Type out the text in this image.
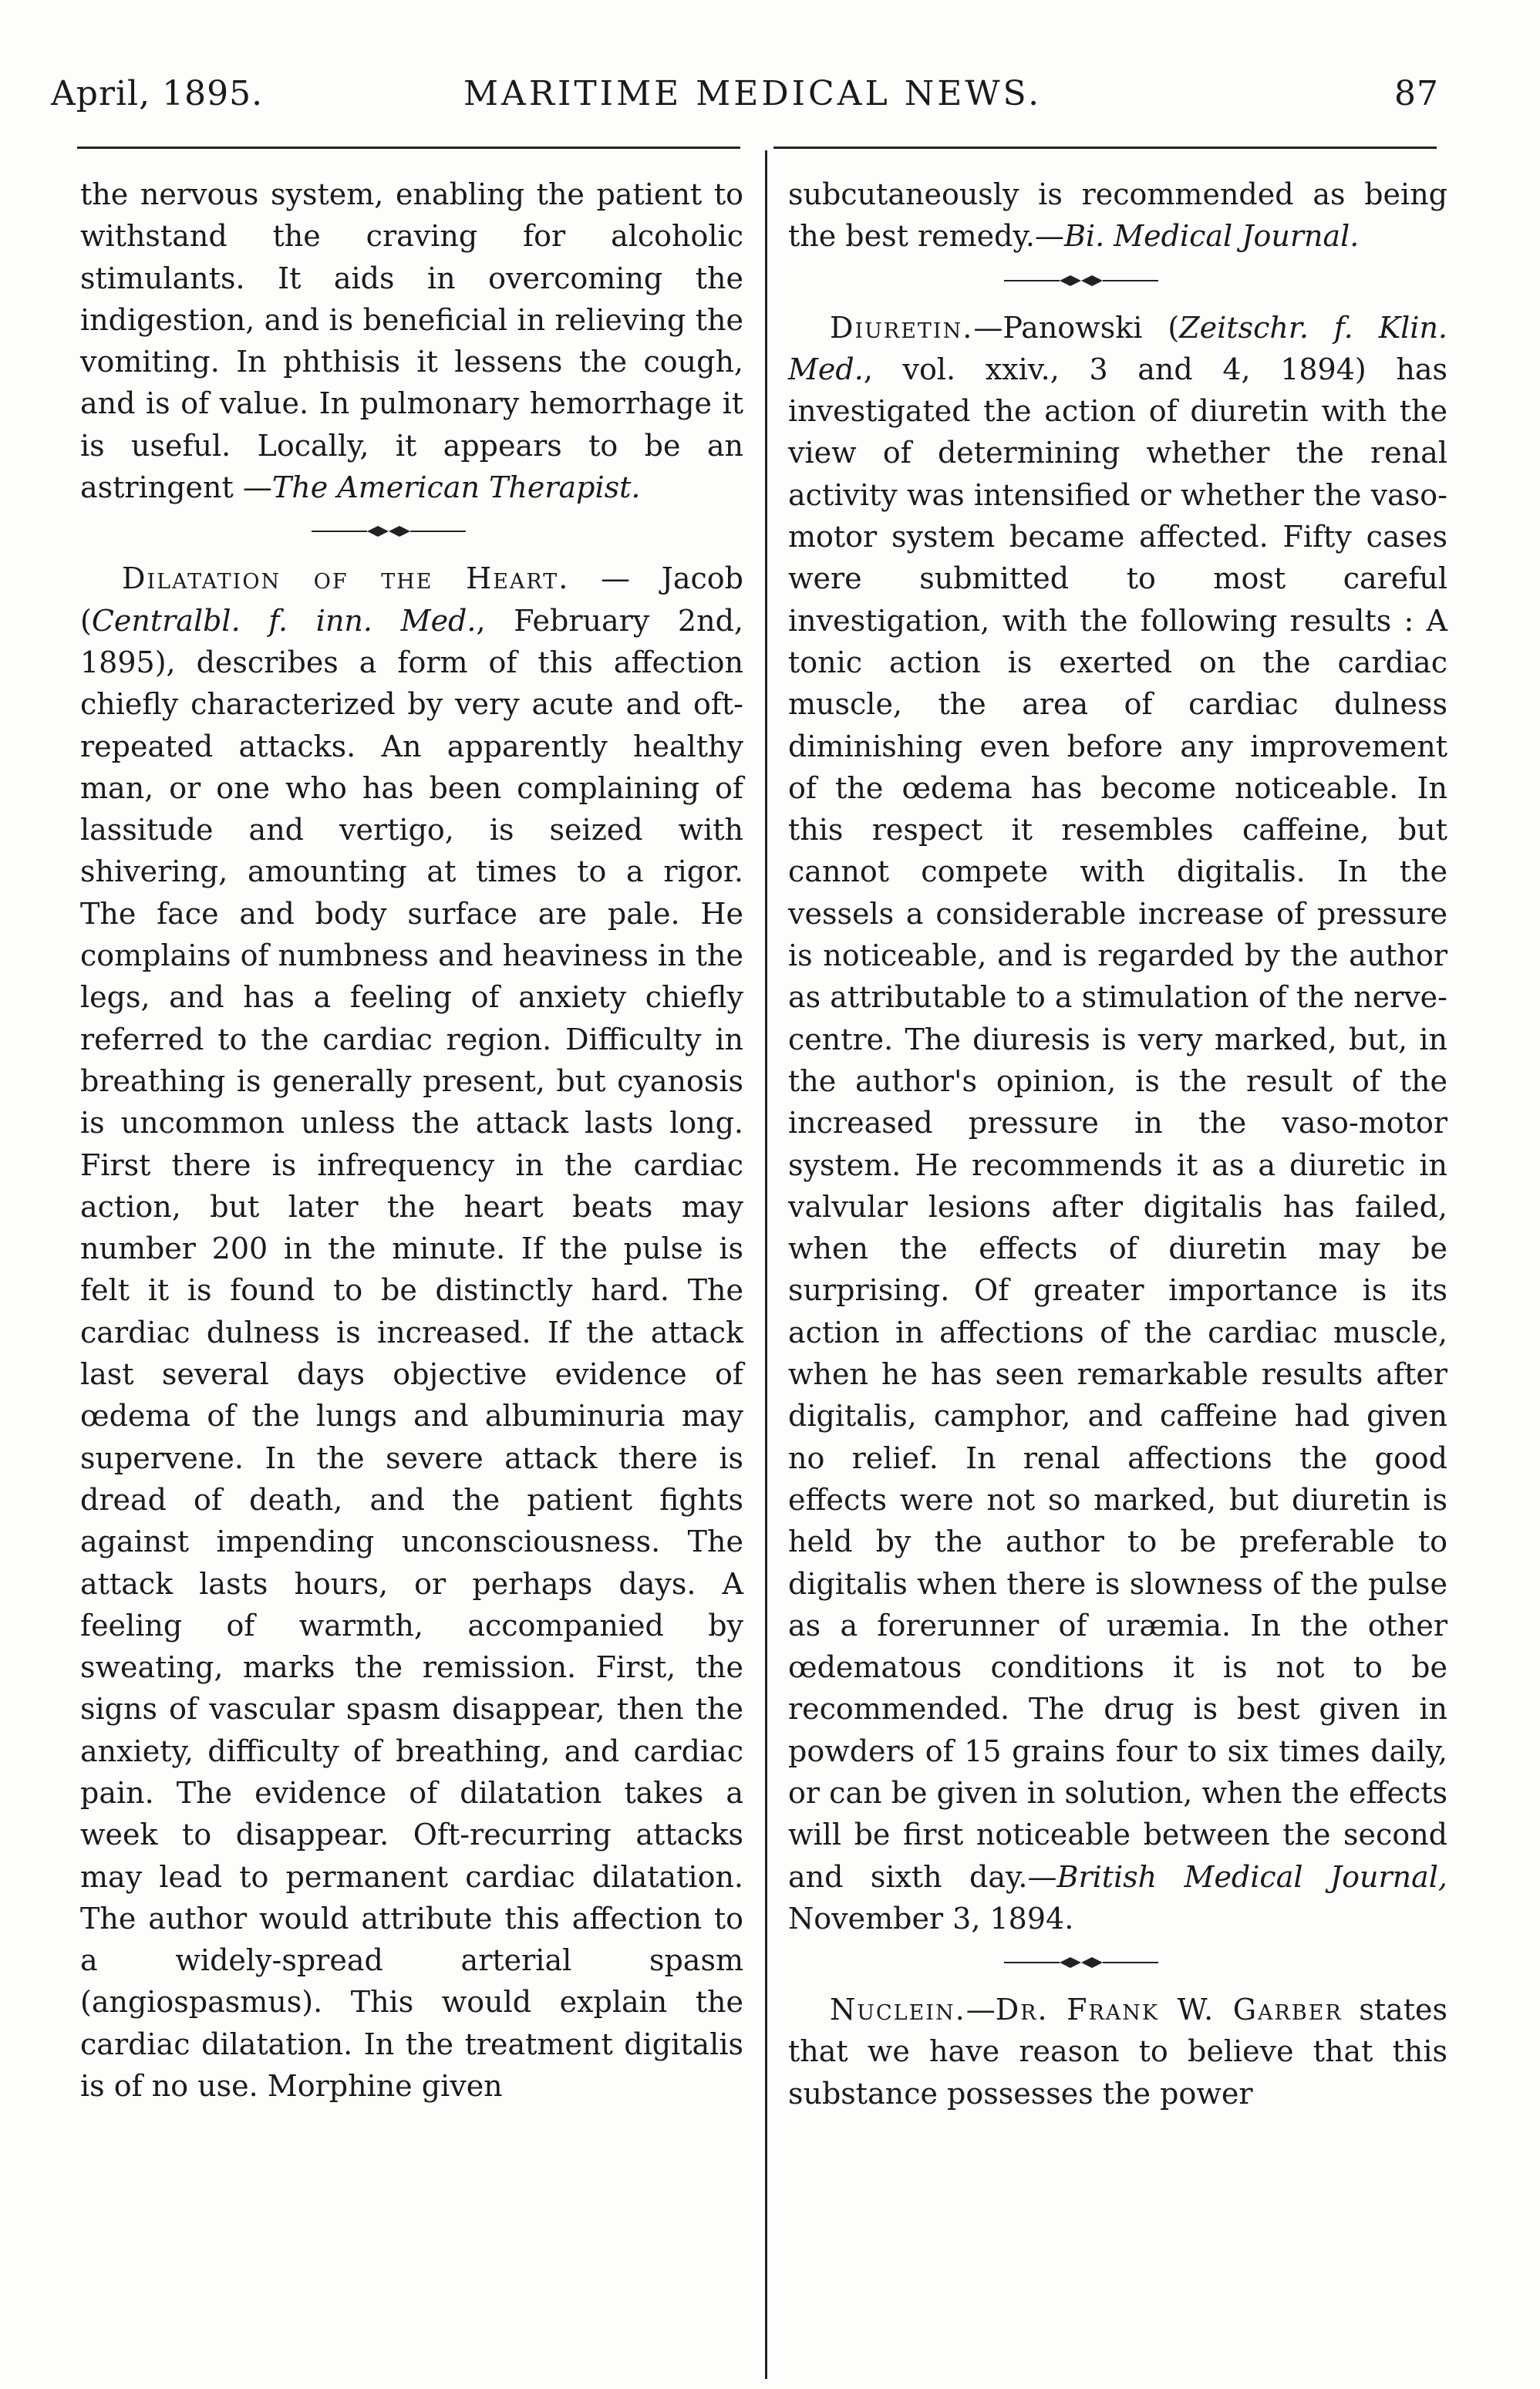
April, 1895.	MARITIME MEDICAL NEWS.	87

the nervous system, enabling the patient to withstand the craving for alcoholic stimulants. It aids in overcoming the indigestion, and is beneficial in relieving the vomiting. In phthisis it lessens the cough, and is of value. In pulmonary hemorrhage it is useful. Locally, it appears to be an astringent —The American Therapist.

Dilatation of the Heart. — Jacob (Centralbl. f. inn. Med., February 2nd, 1895), describes a form of this affection chiefly characterized by very acute and oft-repeated attacks. An apparently healthy man, or one who has been complaining of lassitude and vertigo, is seized with shivering, amounting at times to a rigor. The face and body surface are pale. He complains of numbness and heaviness in the legs, and has a feeling of anxiety chiefly referred to the cardiac region. Difficulty in breathing is generally present, but cyanosis is uncommon unless the attack lasts long. First there is infrequency in the cardiac action, but later the heart beats may number 200 in the minute. If the pulse is felt it is found to be distinctly hard. The cardiac dulness is increased. If the attack last several days objective evidence of œdema of the lungs and albuminuria may supervene. In the severe attack there is dread of death, and the patient fights against impending unconsciousness. The attack lasts hours, or perhaps days. A feeling of warmth, accompanied by sweating, marks the remission. First, the signs of vascular spasm disappear, then the anxiety, difficulty of breathing, and cardiac pain. The evidence of dilatation takes a week to disappear. Oft-recurring attacks may lead to permanent cardiac dilatation. The author would attribute this affection to a widely-spread arterial spasm (angiospasmus). This would explain the cardiac dilatation. In the treatment digitalis is of no use. Morphine given

subcutaneously is recommended as being the best remedy.—Bi. Medical Journal.

Diuretin.—Panowski (Zeitschr. f. Klin. Med., vol. xxiv., 3 and 4, 1894) has investigated the action of diuretin with the view of determining whether the renal activity was intensified or whether the vaso-motor system became affected. Fifty cases were submitted to most careful investigation, with the following results : A tonic action is exerted on the cardiac muscle, the area of cardiac dulness diminishing even before any improvement of the œdema has become noticeable. In this respect it resembles caffeine, but cannot compete with digitalis. In the vessels a considerable increase of pressure is noticeable, and is regarded by the author as attributable to a stimulation of the nerve-centre. The diuresis is very marked, but, in the author's opinion, is the result of the increased pressure in the vaso-motor system. He recommends it as a diuretic in valvular lesions after digitalis has failed, when the effects of diuretin may be surprising. Of greater importance is its action in affections of the cardiac muscle, when he has seen remarkable results after digitalis, camphor, and caffeine had given no relief. In renal affections the good effects were not so marked, but diuretin is held by the author to be preferable to digitalis when there is slowness of the pulse as a forerunner of uræmia. In the other œdematous conditions it is not to be recommended. The drug is best given in powders of 15 grains four to six times daily, or can be given in solution, when the effects will be first noticeable between the second and sixth day.—British Medical Journal, November 3, 1894.

Nuclein.—Dr. Frank W. Garber states that we have reason to believe that this substance possesses the power
